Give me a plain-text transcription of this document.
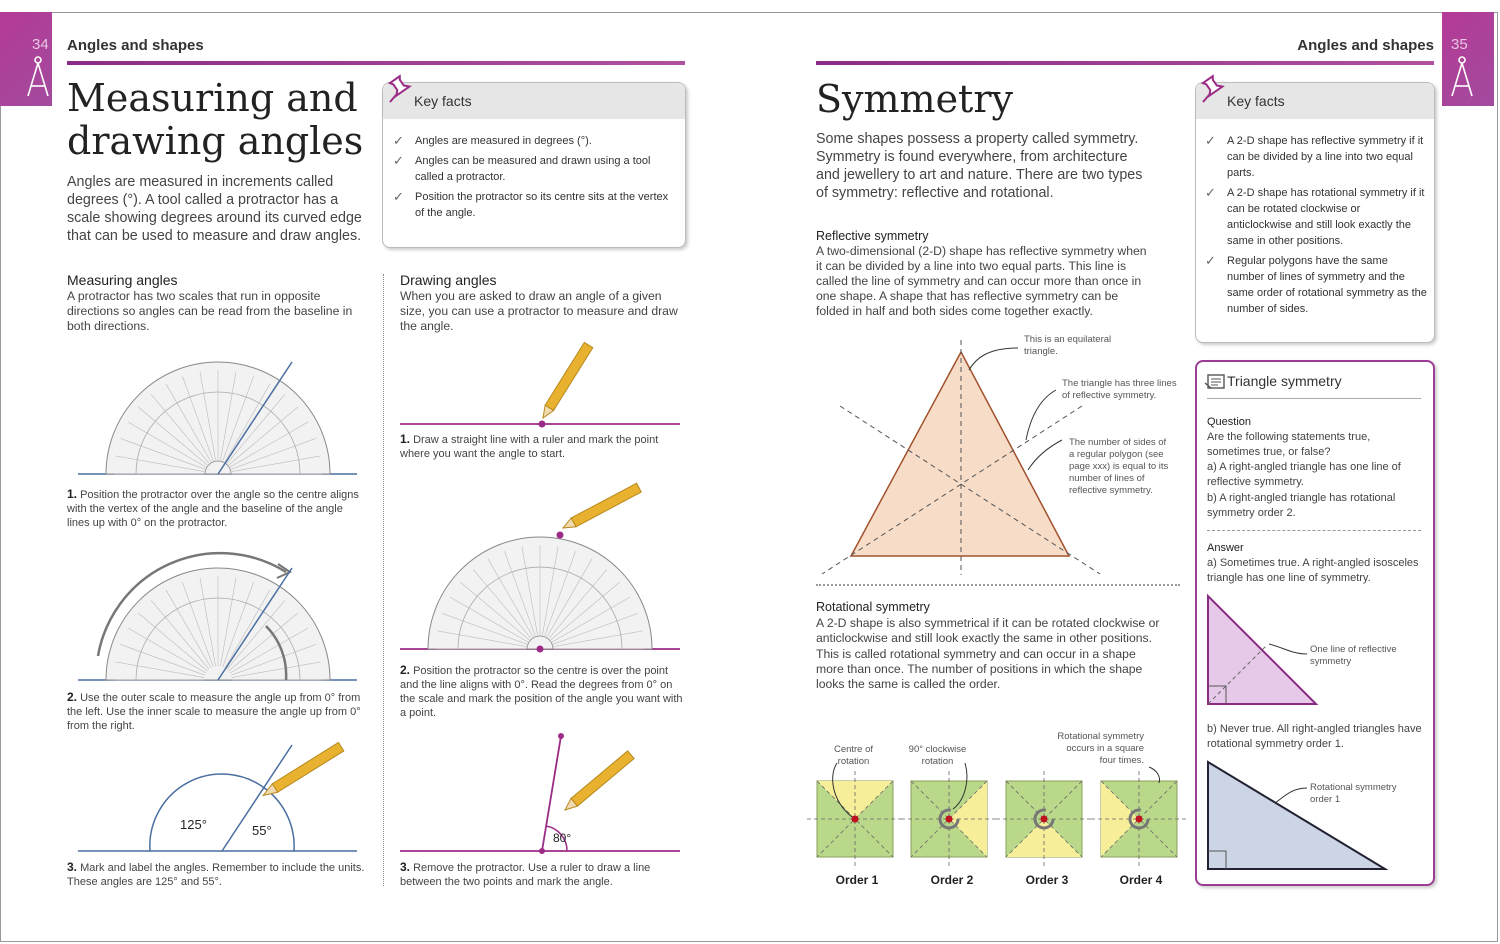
34 Angles and shapes
Measuring and
drawing angles
Angles are measured in increments called degrees (°). A tool called a protractor has a scale showing degrees around its curved edge that can be used to measure and draw angles.
Key facts
✓ Angles are measured in degrees (°).
✓ Angles can be measured and drawn using a tool called a protractor.
✓ Position the protractor so its centre sits at the vertex of the angle.
Measuring angles
A protractor has two scales that run in opposite directions so angles can be read from the baseline in both directions.
1. Position the protractor over the angle so the centre aligns with the vertex of the angle and the baseline of the angle lines up with 0° on the protractor.
2. Use the outer scale to measure the angle up from 0° from the left. Use the inner scale to measure the angle up from 0° from the right.
125°	55°
3. Mark and label the angles. Remember to include the units. These angles are 125° and 55°.
Drawing angles
When you are asked to draw an angle of a given size, you can use a protractor to measure and draw the angle.
1. Draw a straight line with a ruler and mark the point where you want the angle to start.
2. Position the protractor so the centre is over the point and the line aligns with 0°. Read the degrees from 0° on the scale and mark the position of the angle you want with a point.
80°
3. Remove the protractor. Use a ruler to draw a line between the two points and mark the angle.
35
Angles and shapes
Symmetry
Some shapes possess a property called symmetry. Symmetry is found everywhere, from architecture and jewellery to art and nature. There are two types of symmetry: reflective and rotational.
Reflective symmetry
A two-dimensional (2-D) shape has reflective symmetry when it can be divided by a line into two equal parts. This line is called the line of symmetry and can occur more than once in one shape. A shape that has reflective symmetry can be folded in half and both sides come together exactly.
This is an equilateral triangle.
The triangle has three lines of reflective symmetry.
The number of sides of a regular polygon (see page xxx) is equal to its number of lines of reflective symmetry.
Rotational symmetry
A 2-D shape is also symmetrical if it can be rotated clockwise or anticlockwise and still look exactly the same in other positions. This is called rotational symmetry and can occur in a shape more than once. The number of positions in which the shape looks the same is called the order.
Centre of rotation
90° clockwise rotation
Rotational symmetry occurs in a square four times.
Order 1	Order 2	Order 3	Order 4
Key facts
✓ A 2-D shape has reflective symmetry if it can be divided by a line into two equal parts.
✓ A 2-D shape has rotational symmetry if it can be rotated clockwise or anticlockwise and still look exactly the same in other positions.
✓ Regular polygons have the same number of lines of symmetry and the same order of rotational symmetry as the number of sides.
Triangle symmetry
Question
Are the following statements true, sometimes true, or false?
a) A right-angled triangle has one line of reflective symmetry.
b) A right-angled triangle has rotational symmetry order 2.
Answer
a) Sometimes true. A right-angled isosceles triangle has one line of symmetry.
One line of reflective symmetry
b) Never true. All right-angled triangles have rotational symmetry order 1.
Rotational symmetry order 1
